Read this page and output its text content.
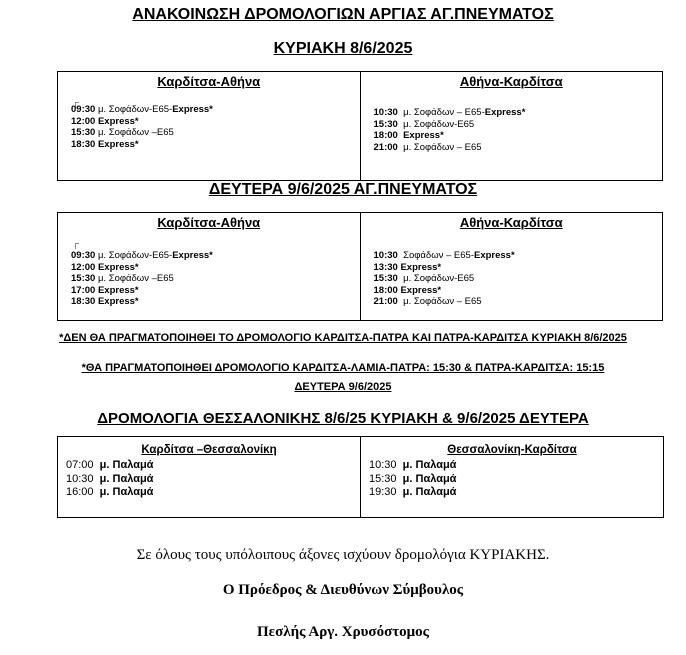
ΑΝΑΚΟΙΝΩΣΗ ΔΡΟΜΟΛΟΓΙΩΝ ΑΡΓΙΑΣ ΑΓ.ΠΝΕΥΜΑΤΟΣ
ΚΥΡΙΑΚΗ 8/6/2025
Καρδίτσα-Αθήνα
09:30 μ. Σοφάδων-Ε65-Express*
12:00 Express*
15:30 μ. Σοφάδων –Ε65
18:30 Express*
Αθήνα-Καρδίτσα
10:30  μ. Σοφάδων – Ε65-Express*
15:30  μ. Σοφάδων-Ε65
18:00 Express*
21:00  μ. Σοφάδων – Ε65
ΔΕΥΤΕΡΑ 9/6/2025 ΑΓ.ΠΝΕΥΜΑΤΟΣ
Καρδίτσα-Αθήνα
09:30 μ. Σοφάδων-Ε65-Express*
12:00 Express*
15:30 μ. Σοφάδων –Ε65
17:00 Express*
18:30 Express*
Αθήνα-Καρδίτσα
10:30  Σοφάδων – Ε65-Express*
13:30 Express*
15:30  μ. Σοφάδων-Ε65
18:00 Express*
21:00  μ. Σοφάδων – Ε65
*ΔΕΝ ΘΑ ΠΡΑΓΜΑΤΟΠΟΙΗΘΕΙ ΤΟ ΔΡΟΜΟΛΟΓΙΟ ΚΑΡΔΙΤΣΑ-ΠΑΤΡΑ ΚΑΙ ΠΑΤΡΑ-ΚΑΡΔΙΤΣΑ ΚΥΡΙΑΚΗ 8/6/2025
*ΘΑ ΠΡΑΓΜΑΤΟΠΟΙΗΘΕΙ ΔΡΟΜΟΛΟΓΙΟ ΚΑΡΔΙΤΣΑ-ΛΑΜΙΑ-ΠΑΤΡΑ: 15:30 & ΠΑΤΡΑ-ΚΑΡΔΙΤΣΑ: 15:15
ΔΕΥΤΕΡΑ 9/6/2025
ΔΡΟΜΟΛΟΓΙΑ ΘΕΣΣΑΛΟΝΙΚΗΣ 8/6/25 ΚΥΡΙΑΚΗ & 9/6/2025 ΔΕΥΤΕΡΑ
Καρδίτσα –Θεσσαλονίκη
07:00 μ. Παλαμά
10:30 μ. Παλαμά
16:00 μ. Παλαμά
Θεσσαλονίκη-Καρδίτσα
10:30 μ. Παλαμά
15:30 μ. Παλαμά
19:30 μ. Παλαμά
Σε όλους τους υπόλοιπους άξονες ισχύουν δρομολόγια ΚΥΡΙΑΚΗΣ.
Ο Πρόεδρος & Διευθύνων Σύμβουλος
Πεσλής Αργ. Χρυσόστομος
